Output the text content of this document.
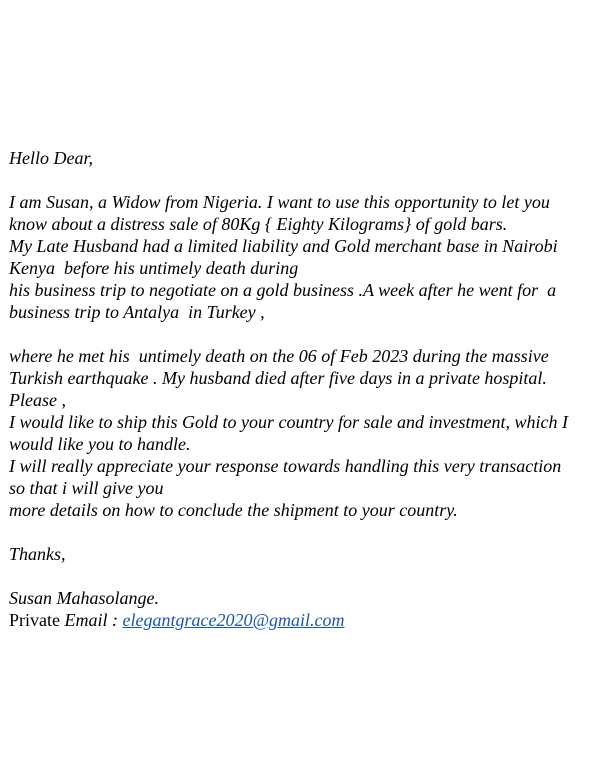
Hello Dear,
I am Susan, a Widow from Nigeria. I want to use this opportunity to let you
know about a distress sale of 80Kg { Eighty Kilograms} of gold bars.
My Late Husband had a limited liability and Gold merchant base in Nairobi
Kenya  before his untimely death during
his business trip to negotiate on a gold business .A week after he went for  a
business trip to Antalya  in Turkey ,
where he met his  untimely death on the 06 of Feb 2023 during the massive
Turkish earthquake . My husband died after five days in a private hospital.
Please ,
I would like to ship this Gold to your country for sale and investment, which I
would like you to handle.
I will really appreciate your response towards handling this very transaction
so that i will give you
more details on how to conclude the shipment to your country.
Thanks,
Susan Mahasolange.
Private Email : elegantgrace2020@gmail.com
